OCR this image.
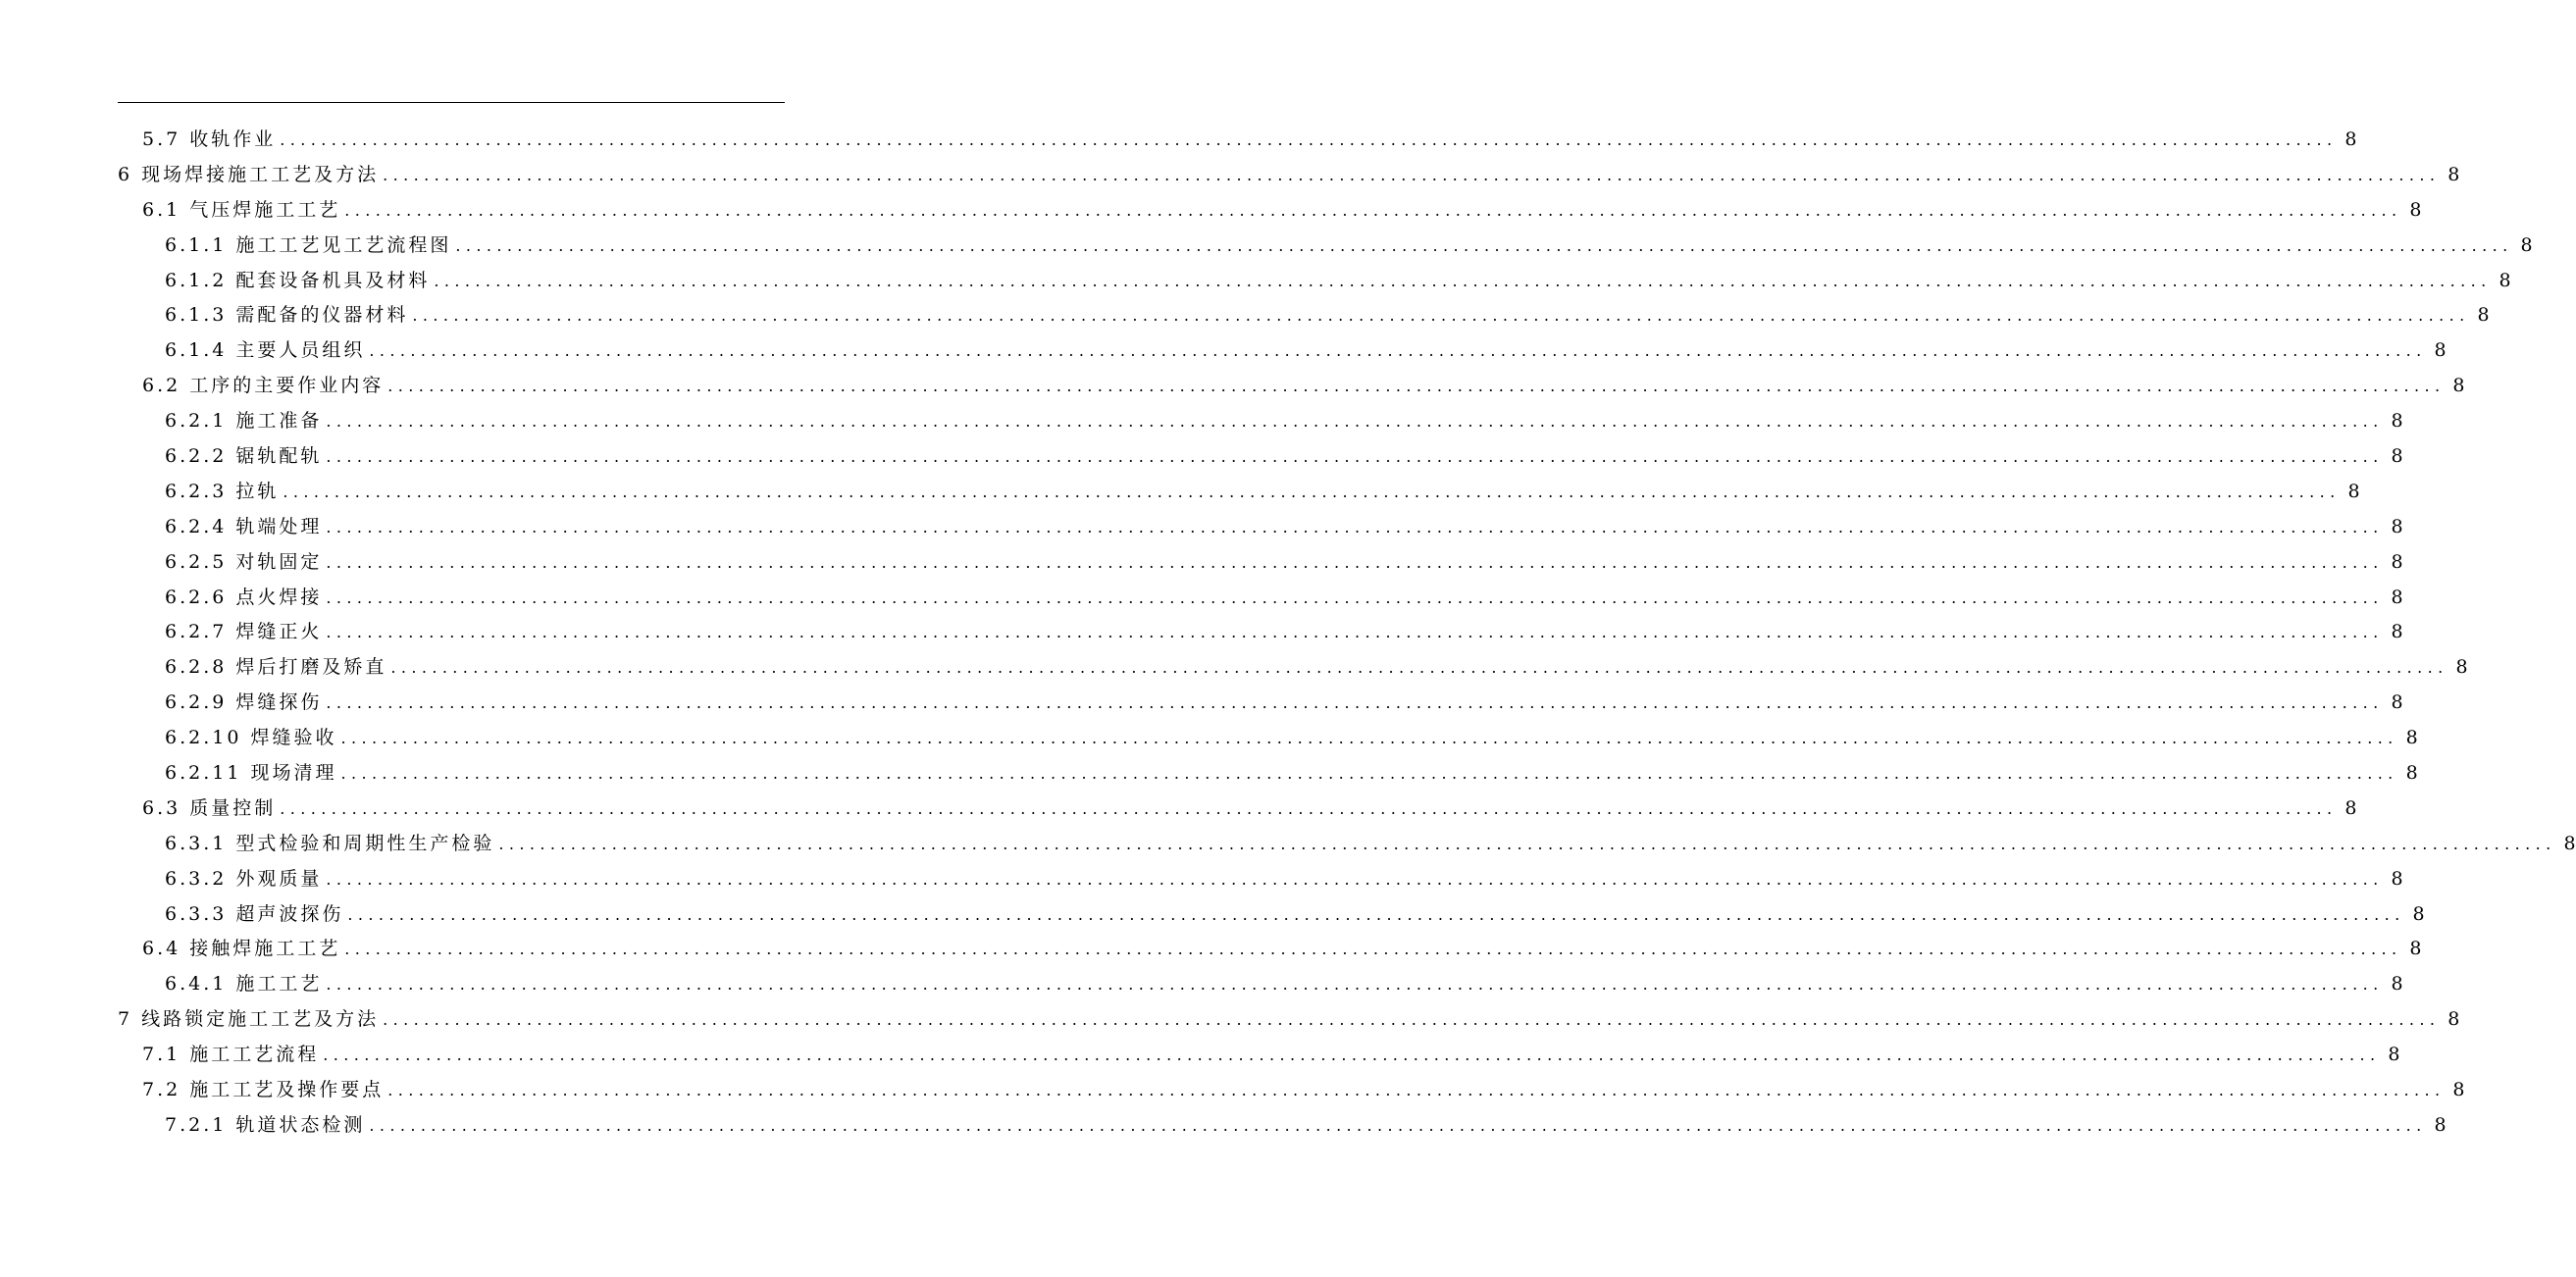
5.7 收轨作业 ........................................................................................................................................................................................................ 8
6 现场焊接施工工艺及方法 ........................................................................................................................................................................................................ 8
6.1 气压焊施工工艺 ........................................................................................................................................................................................................ 8
6.1.1 施工工艺见工艺流程图 ........................................................................................................................................................................................................ 8
6.1.2 配套设备机具及材料 ........................................................................................................................................................................................................ 8
6.1.3 需配备的仪器材料 ........................................................................................................................................................................................................ 8
6.1.4 主要人员组织 ........................................................................................................................................................................................................ 8
6.2 工序的主要作业内容 ........................................................................................................................................................................................................ 8
6.2.1 施工准备 ........................................................................................................................................................................................................ 8
6.2.2 锯轨配轨 ........................................................................................................................................................................................................ 8
6.2.3 拉轨 ........................................................................................................................................................................................................ 8
6.2.4 轨端处理 ........................................................................................................................................................................................................ 8
6.2.5 对轨固定 ........................................................................................................................................................................................................ 8
6.2.6 点火焊接 ........................................................................................................................................................................................................ 8
6.2.7 焊缝正火 ........................................................................................................................................................................................................ 8
6.2.8 焊后打磨及矫直 ........................................................................................................................................................................................................ 8
6.2.9 焊缝探伤 ........................................................................................................................................................................................................ 8
6.2.10 焊缝验收 ........................................................................................................................................................................................................ 8
6.2.11 现场清理 ........................................................................................................................................................................................................ 8
6.3 质量控制 ........................................................................................................................................................................................................ 8
6.3.1 型式检验和周期性生产检验 ........................................................................................................................................................................................................ 8
6.3.2 外观质量 ........................................................................................................................................................................................................ 8
6.3.3 超声波探伤 ........................................................................................................................................................................................................ 8
6.4 接触焊施工工艺 ........................................................................................................................................................................................................ 8
6.4.1 施工工艺 ........................................................................................................................................................................................................ 8
7 线路锁定施工工艺及方法 ........................................................................................................................................................................................................ 8
7.1 施工工艺流程 ........................................................................................................................................................................................................ 8
7.2 施工工艺及操作要点 ........................................................................................................................................................................................................ 8
7.2.1 轨道状态检测 ........................................................................................................................................................................................................ 8
